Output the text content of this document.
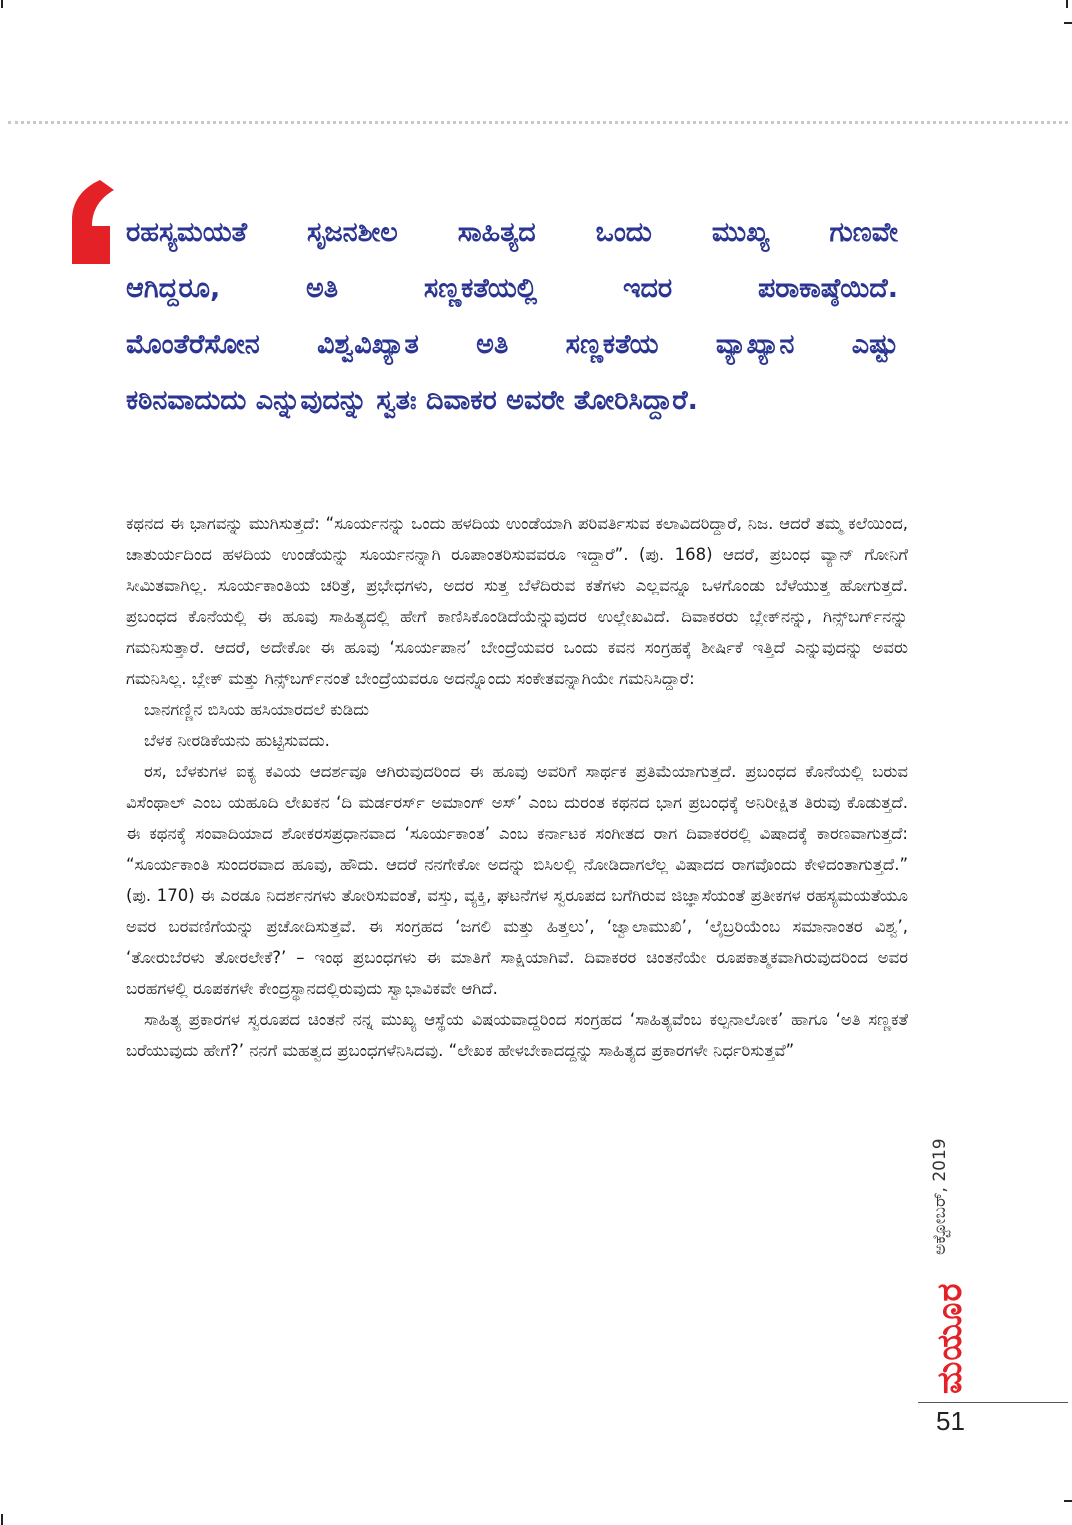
ರಹಸ್ಯಮಯತೆ ಸೃಜನಶೀಲ ಸಾಹಿತ್ಯದ ಒಂದು ಮುಖ್ಯ ಗುಣವೇ
ಆಗಿದ್ದರೂ, ಅತಿ ಸಣ್ಣಕತೆಯಲ್ಲಿ ಇದರ ಪರಾಕಾಷ್ಠೆಯಿದೆ.
ಮೊಂತೆರೆಸೋನ ವಿಶ್ವವಿಖ್ಯಾತ ಅತಿ ಸಣ್ಣಕತೆಯ ವ್ಯಾಖ್ಯಾನ ಎಷ್ಟು
ಕಠಿನವಾದುದು ಎನ್ನುವುದನ್ನು ಸ್ವತಃ ದಿವಾಕರ ಅವರೇ ತೋರಿಸಿದ್ದಾರೆ.

ಕಥನದ ಈ ಭಾಗವನ್ನು ಮುಗಿಸುತ್ತದೆ: “ಸೂರ್ಯನನ್ನು ಒಂದು ಹಳದಿಯ ಉಂಡೆಯಾಗಿ ಪರಿವರ್ತಿಸುವ ಕಲಾವಿದರಿದ್ದಾರೆ, ನಿಜ. ಆದರೆ ತಮ್ಮ ಕಲೆಯಿಂದ, ಚಾತುರ್ಯದಿಂದ ಹಳದಿಯ ಉಂಡೆಯನ್ನು ಸೂರ್ಯನನ್ನಾಗಿ ರೂಪಾಂತರಿಸುವವರೂ ಇದ್ದಾರೆ”. (ಪು. 168) ಆದರೆ, ಪ್ರಬಂಧ ವ್ಯಾನ್ ಗೋನಿಗೆ ಸೀಮಿತವಾಗಿಲ್ಲ. ಸೂರ್ಯಕಾಂತಿಯ ಚರಿತ್ರೆ, ಪ್ರಭೇಧಗಳು, ಅದರ ಸುತ್ತ ಬೆಳೆದಿರುವ ಕತೆಗಳು ಎಲ್ಲವನ್ನೂ ಒಳಗೊಂಡು ಬೆಳೆಯುತ್ತ ಹೋಗುತ್ತದೆ. ಪ್ರಬಂಧದ ಕೊನೆಯಲ್ಲಿ ಈ ಹೂವು ಸಾಹಿತ್ಯದಲ್ಲಿ ಹೇಗೆ ಕಾಣಿಸಿಕೊಂಡಿದೆಯೆನ್ನುವುದರ ಉಲ್ಲೇಖವಿದೆ. ದಿವಾಕರರು ಬ್ಲೇಕ್‌ನನ್ನು, ಗಿನ್ಸ್‌ಬರ್ಗ್‌ನನ್ನು ಗಮನಿಸುತ್ತಾರೆ. ಆದರೆ, ಅದೇಕೋ ಈ ಹೂವು ‘ಸೂರ್ಯಪಾನ’ ಬೇಂದ್ರೆಯವರ ಒಂದು ಕವನ ಸಂಗ್ರಹಕ್ಕೆ ಶೀರ್ಷಿಕೆ ಇತ್ತಿದೆ ಎನ್ನುವುದನ್ನು ಅವರು ಗಮನಿಸಿಲ್ಲ. ಬ್ಲೇಕ್ ಮತ್ತು ಗಿನ್ಸ್‌ಬರ್ಗ್‌ನಂತೆ ಬೇಂದ್ರೆಯವರೂ ಅದನ್ನೊಂದು ಸಂಕೇತವನ್ನಾಗಿಯೇ ಗಮನಿಸಿದ್ದಾರೆ:

ಬಾನಗಣ್ಣಿನ ಬಿಸಿಯ ಹಸಿಯಾರದಲೆ ಕುಡಿದು

ಬೆಳಕ ನೀರಡಿಕೆಯನು ಹುಟ್ಟಿಸುವದು.

ರಸ, ಬೆಳಕುಗಳ ಐಕ್ಯ ಕವಿಯ ಆದರ್ಶವೂ ಆಗಿರುವುದರಿಂದ ಈ ಹೂವು ಅವರಿಗೆ ಸಾರ್ಥಕ ಪ್ರತಿಮೆಯಾಗುತ್ತದೆ. ಪ್ರಬಂಧದ ಕೊನೆಯಲ್ಲಿ ಬರುವ ವಿಸೆಂಥಾಲ್ ಎಂಬ ಯಹೂದಿ ಲೇಖಕನ ‘ದಿ ಮರ್ಡರರ್ಸ್ ಅಮಾಂಗ್ ಅಸ್’ ಎಂಬ ದುರಂತ ಕಥನದ ಭಾಗ ಪ್ರಬಂಧಕ್ಕೆ ಅನಿರೀಕ್ಷಿತ ತಿರುವು ಕೊಡುತ್ತದೆ. ಈ ಕಥನಕ್ಕೆ ಸಂವಾದಿಯಾದ ಶೋಕರಸಪ್ರಧಾನವಾದ ‘ಸೂರ್ಯಕಾಂತ’ ಎಂಬ ಕರ್ನಾಟಕ ಸಂಗೀತದ ರಾಗ ದಿವಾಕರರಲ್ಲಿ ವಿಷಾದಕ್ಕೆ ಕಾರಣವಾಗುತ್ತದೆ: “ಸೂರ್ಯಕಾಂತಿ ಸುಂದರವಾದ ಹೂವು, ಹೌದು. ಆದರೆ ನನಗೇಕೋ ಅದನ್ನು ಬಿಸಿಲಲ್ಲಿ ನೋಡಿದಾಗಲೆಲ್ಲ ವಿಷಾದದ ರಾಗವೊಂದು ಕೇಳಿದಂತಾಗುತ್ತದೆ.” (ಪು. 170) ಈ ಎರಡೂ ನಿದರ್ಶನಗಳು ತೋರಿಸುವಂತೆ, ವಸ್ತು, ವ್ಯಕ್ತಿ, ಘಟನೆಗಳ ಸ್ವರೂಪದ ಬಗೆಗಿರುವ ಜಿಜ್ಞಾಸೆಯಂತೆ ಪ್ರತೀಕಗಳ ರಹಸ್ಯಮಯತೆಯೂ ಅವರ ಬರವಣಿಗೆಯನ್ನು ಪ್ರಚೋದಿಸುತ್ತವೆ. ಈ ಸಂಗ್ರಹದ ‘ಜಗಲಿ ಮತ್ತು ಹಿತ್ತಲು’, ‘ಜ್ವಾಲಾಮುಖಿ’, ‘ಲೈಬ್ರರಿಯೆಂಬ ಸಮಾನಾಂತರ ವಿಶ್ವ’, ‘ತೋರುಬೆರಳು ತೋರಲೇಕೆ?’ – ಇಂಥ ಪ್ರಬಂಧಗಳು ಈ ಮಾತಿಗೆ ಸಾಕ್ಷಿಯಾಗಿವೆ. ದಿವಾಕರರ ಚಿಂತನೆಯೇ ರೂಪಕಾತ್ಮಕವಾಗಿರುವುದರಿಂದ ಅವರ ಬರಹಗಳಲ್ಲಿ ರೂಪಕಗಳೇ ಕೇಂದ್ರಸ್ಥಾನದಲ್ಲಿರುವುದು ಸ್ವಾಭಾವಿಕವೇ ಆಗಿದೆ.

ಸಾಹಿತ್ಯ ಪ್ರಕಾರಗಳ ಸ್ವರೂಪದ ಚಿಂತನೆ ನನ್ನ ಮುಖ್ಯ ಆಸ್ಥೆಯ ವಿಷಯವಾದ್ದರಿಂದ ಸಂಗ್ರಹದ ‘ಸಾಹಿತ್ಯವೆಂಬ ಕಲ್ಪನಾಲೋಕ’ ಹಾಗೂ ‘ಅತಿ ಸಣ್ಣಕತೆ ಬರೆಯುವುದು ಹೇಗೆ?’ ನನಗೆ ಮಹತ್ವದ ಪ್ರಬಂಧಗಳೆನಿಸಿದವು. “ಲೇಖಕ ಹೇಳಬೇಕಾದದ್ದನ್ನು ಸಾಹಿತ್ಯದ ಪ್ರಕಾರಗಳೇ ನಿರ್ಧರಿಸುತ್ತವೆ”

ಅಕ್ಟೋಬರ್, 2019
ಮಯೂರ
51
